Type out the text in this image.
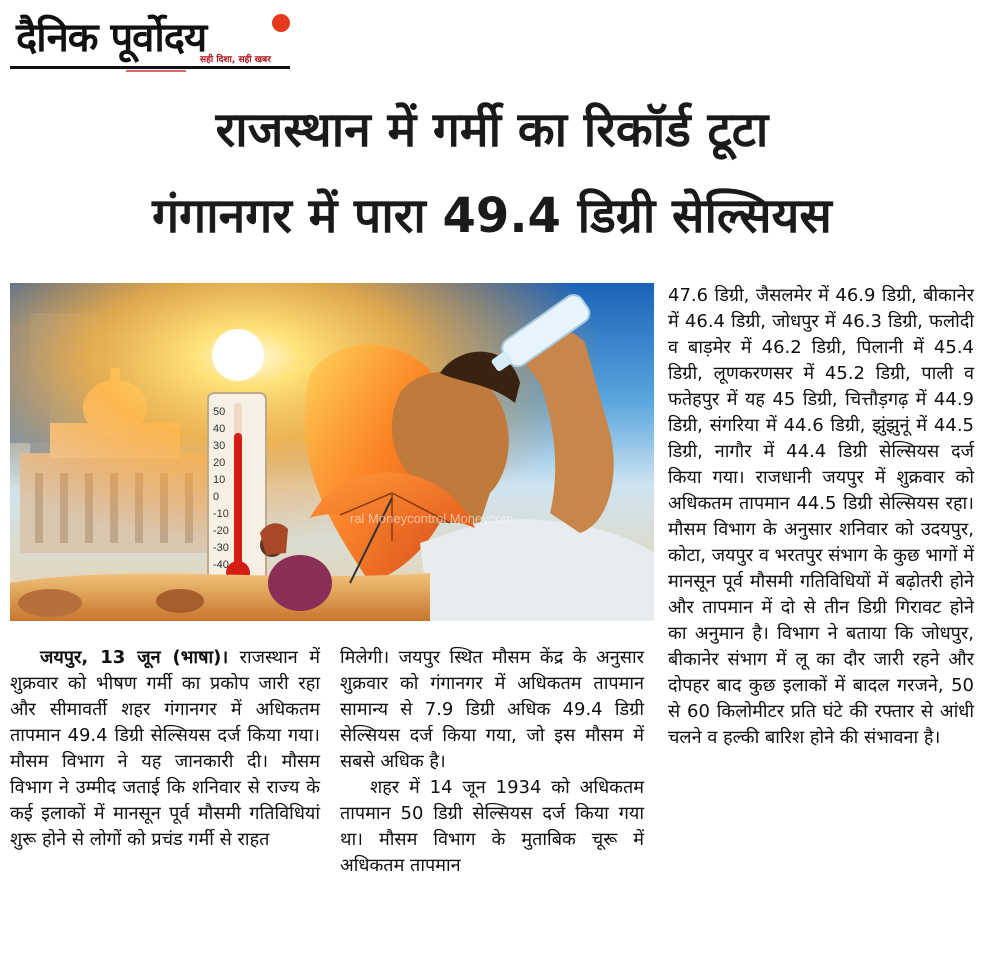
दैनिक पूर्वोदय
सही दिशा, सही खबर
राजस्थान में गर्मी का रिकॉर्ड टूटा
गंगानगर में पारा 49.4 डिग्री सेल्सियस
50
40
30
20
10
0
-10
-20
-30
-40
ral Moneycontrol Moneycom

जयपुर, 13 जून (भाषा)। राजस्थान में शुक्रवार को भीषण गर्मी का प्रकोप जारी रहा और सीमावर्ती शहर गंगानगर में अधिकतम तापमान 49.4 डिग्री सेल्सियस दर्ज किया गया। मौसम विभाग ने यह जानकारी दी। मौसम विभाग ने उम्मीद जताई कि शनिवार से राज्य के कई इलाकों में मानसून पूर्व मौसमी गतिविधियां शुरू होने से लोगों को प्रचंड गर्मी से राहत

मिलेगी। जयपुर स्थित मौसम केंद्र के अनुसार शुक्रवार को गंगानगर में अधिकतम तापमान सामान्य से 7.9 डिग्री अधिक 49.4 डिग्री सेल्सियस दर्ज किया गया, जो इस मौसम में सबसे अधिक है।

शहर में 14 जून 1934 को अधिकतम तापमान 50 डिग्री सेल्सियस दर्ज किया गया था। मौसम विभाग के मुताबिक चूरू में अधिकतम तापमान

47.6 डिग्री, जैसलमेर में 46.9 डिग्री, बीकानेर में 46.4 डिग्री, जोधपुर में 46.3 डिग्री, फलोदी व बाड़मेर में 46.2 डिग्री, पिलानी में 45.4 डिग्री, लूणकरणसर में 45.2 डिग्री, पाली व फतेहपुर में यह 45 डिग्री, चित्तौड़गढ़ में 44.9 डिग्री, संगरिया में 44.6 डिग्री, झुंझुनूं में 44.5 डिग्री, नागौर में 44.4 डिग्री सेल्सियस दर्ज किया गया। राजधानी जयपुर में शुक्रवार को अधिकतम तापमान 44.5 डिग्री सेल्सियस रहा। मौसम विभाग के अनुसार शनिवार को उदयपुर, कोटा, जयपुर व भरतपुर संभाग के कुछ भागों में मानसून पूर्व मौसमी गतिविधियों में बढ़ोतरी होने और तापमान में दो से तीन डिग्री गिरावट होने का अनुमान है। विभाग ने बताया कि जोधपुर, बीकानेर संभाग में लू का दौर जारी रहने और दोपहर बाद कुछ इलाकों में बादल गरजने, 50 से 60 किलोमीटर प्रति घंटे की रफ्तार से आंधी चलने व हल्की बारिश होने की संभावना है।
